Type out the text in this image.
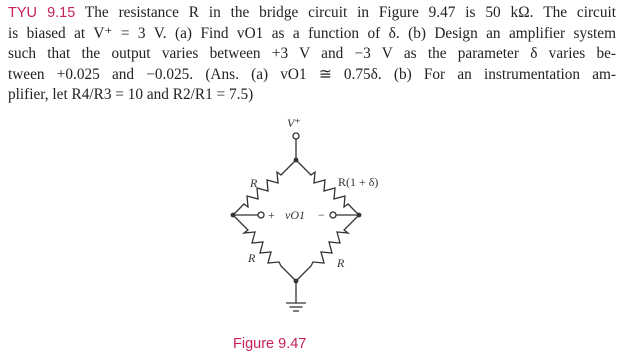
TYU 9.15 The resistance R in the bridge circuit in Figure 9.47 is 50 kΩ. The circuit
is biased at V⁺ = 3 V. (a) Find vO1 as a function of δ. (b) Design an amplifier system
such that the output varies between +3 V and −3 V as the parameter δ varies be-
tween +0.025 and −0.025. (Ans. (a) vO1 ≅ 0.75δ. (b) For an instrumentation am-
plifier, let R4/R3 = 10 and R2/R1 = 7.5)
V⁺
R	R(1 + δ)
R	R
+ vO1 −
Figure 9.47
